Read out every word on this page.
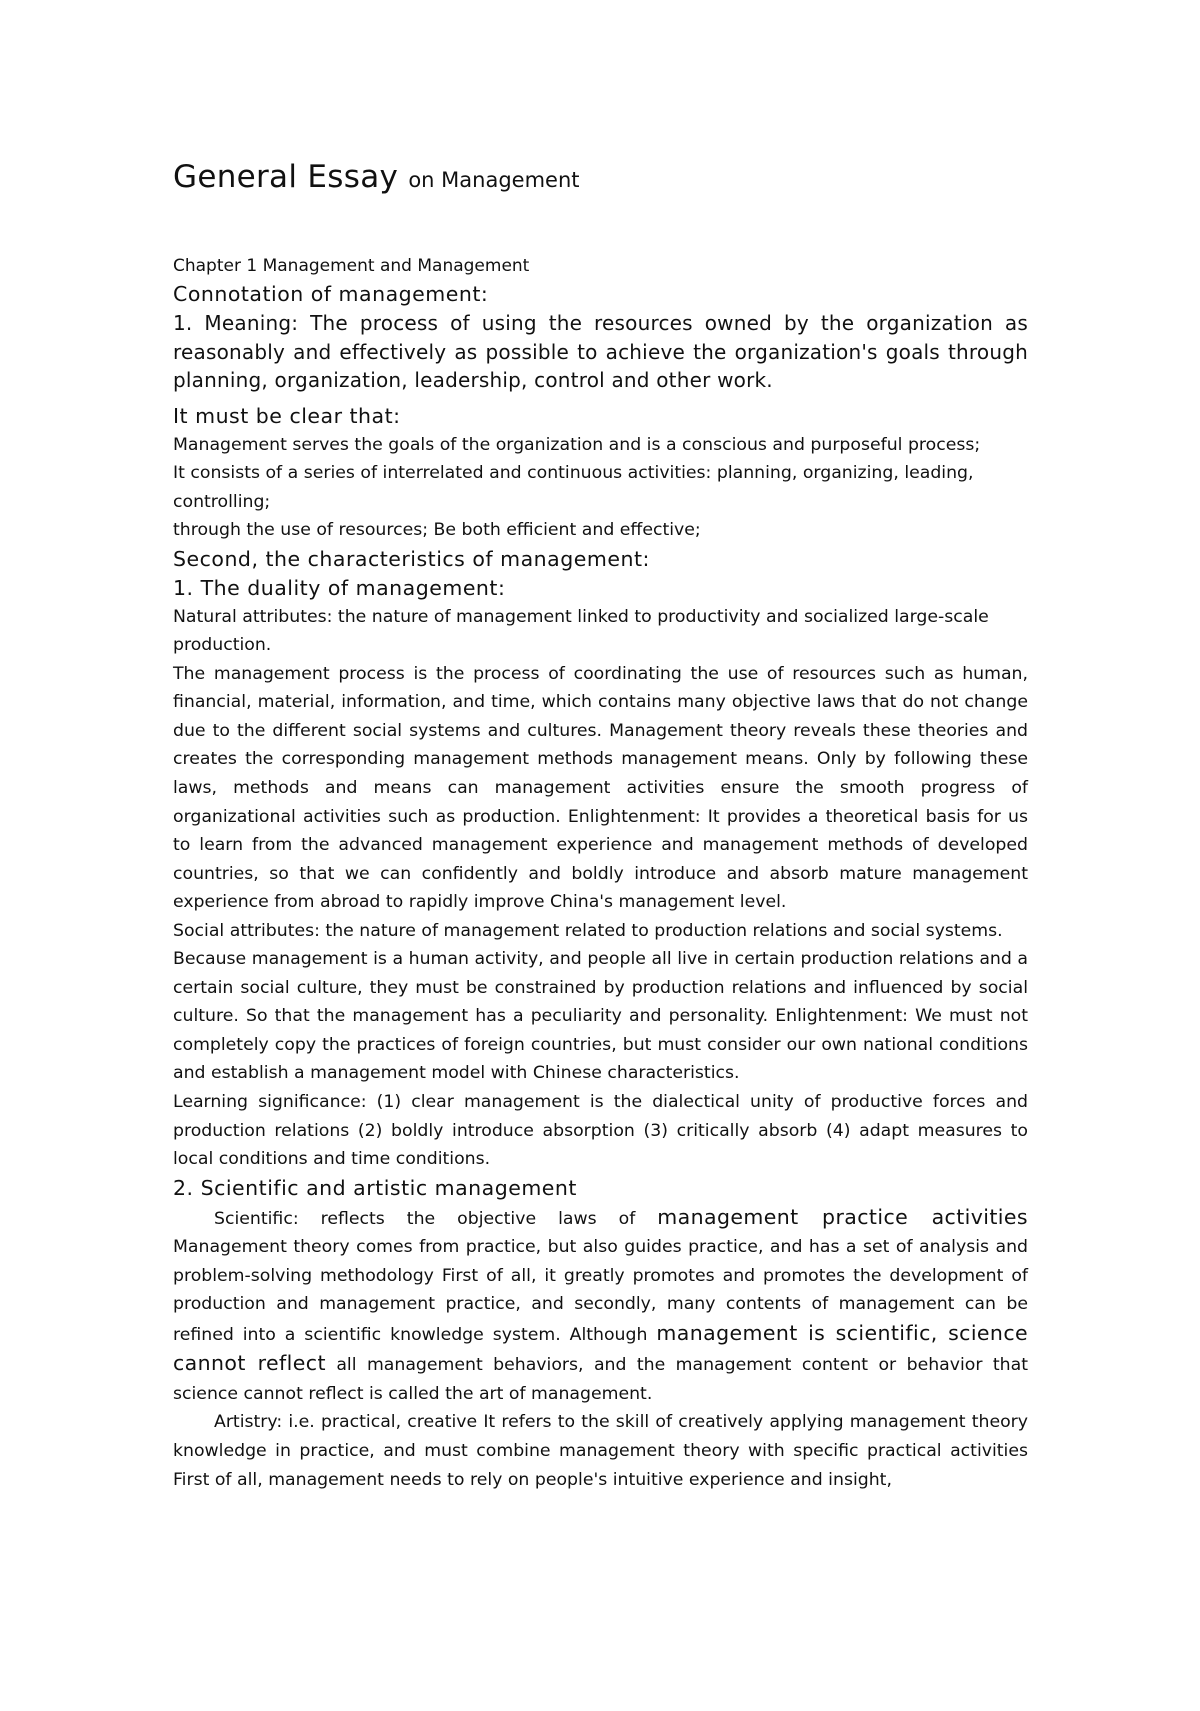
General Essay on Management

Chapter 1 Management and Management

Connotation of management:

1. Meaning: The process of using the resources owned by the organization as reasonably and effectively as possible to achieve the organization's goals through planning, organization, leadership, control and other work.

It must be clear that:

Management serves the goals of the organization and is a conscious and purposeful process;

It consists of a series of interrelated and continuous activities: planning, organizing, leading, controlling;

through the use of resources; Be both efficient and effective;

Second, the characteristics of management:

1. The duality of management:

Natural attributes: the nature of management linked to productivity and socialized large-scale production.

The management process is the process of coordinating the use of resources such as human, financial, material, information, and time, which contains many objective laws that do not change due to the different social systems and cultures. Management theory reveals these theories and creates the corresponding management methods management means. Only by following these laws, methods and means can management activities ensure the smooth progress of organizational activities such as production. Enlightenment: It provides a theoretical basis for us to learn from the advanced management experience and management methods of developed countries, so that we can confidently and boldly introduce and absorb mature management experience from abroad to rapidly improve China's management level.

Social attributes: the nature of management related to production relations and social systems.

Because management is a human activity, and people all live in certain production relations and a certain social culture, they must be constrained by production relations and influenced by social culture. So that the management has a peculiarity and personality. Enlightenment: We must not completely copy the practices of foreign countries, but must consider our own national conditions and establish a management model with Chinese characteristics.

Learning significance: (1) clear management is the dialectical unity of productive forces and production relations (2) boldly introduce absorption (3) critically absorb (4) adapt measures to local conditions and time conditions.

2. Scientific and artistic management

Scientific: reflects the objective laws of management practice activities

Management theory comes from practice, but also guides practice, and has a set of analysis and problem-solving methodology First of all, it greatly promotes and promotes the development of production and management practice, and secondly, many contents of management can be refined into a scientific knowledge system. Although management is scientific, science cannot reflect all management behaviors, and the management content or behavior that science cannot reflect is called the art of management.

Artistry: i.e. practical, creative It refers to the skill of creatively applying management theory knowledge in practice, and must combine management theory with specific practical activities First of all, management needs to rely on people's intuitive experience and insight,
